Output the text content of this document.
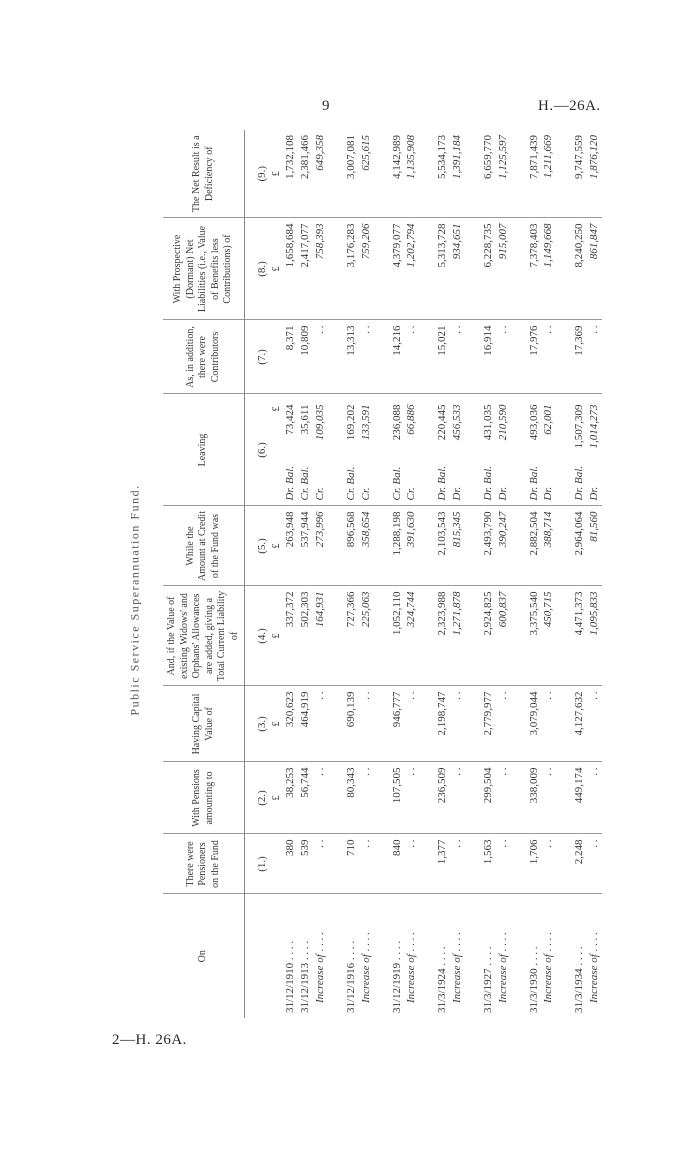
9	H.—26A.
Public Service Superannuation Fund.
2—H. 26A.
On	There were Pensioners on the Fund	With Pensions amounting to	Having Capital Value of	And, if the Value of existing Widows' and Orphans' Allowances are added, giving a Total Current Liability of	While the Amount at Credit of the Fund was	Leaving	As, in addition, there were Contributors	With Prospective (Dormant) Net Liabilities (i.e., Value of Benefits less Contributions) of	The Net Result is a Deficiency of
	(1.)	(2.)	(3.)	(4.)	(5.)	(6.)	(7.)	(8.)	(9.)
		£	£	£	£	£		£	£
31/12/1910 . . . .	380	38,253	320,623	337,372	263,948	Dr. Bal.73,424	8,371	1,658,684	1,732,108
31/12/1913 . . . .	539	56,744	464,919	502,303	537,944	Cr. Bal.35,611	10,809	2,417,077	2,381,466
Increase of . . . .	. .	. .	. .	164,931	273,996	Cr.109,035	. .	758,393	649,358
31/12/1916 . . . .	710	80,343	690,139	727,366	896,568	Cr. Bal.169,202	13,313	3,176,283	3,007,081
Increase of . . . .	. .	. .	. .	225,063	358,654	Cr.133,591	. .	759,206	625,615
31/12/1919 . . . .	840	107,505	946,777	1,052,110	1,288,198	Cr. Bal.236,088	14,216	4,379,077	4,142,989
Increase of . . . .	. .	. .	. .	324,744	391,630	Cr.66,886	. .	1,202,794	1,135,908
31/3/1924 . . . .	1,377	236,509	2,198,747	2,323,988	2,103,543	Dr. Bal.220,445	15,021	5,313,728	5,534,173
Increase of . . . .	. .	. .	. .	1,271,878	815,345	Dr.456,533	. .	934,651	1,391,184
31/3/1927 . . . .	1,563	299,504	2,779,977	2,924,825	2,493,790	Dr. Bal.431,035	16,914	6,228,735	6,659,770
Increase of . . . .	. .	. .	. .	600,837	390,247	Dr.210,590	. .	915,007	1,125,597
31/3/1930 . . . .	1,706	338,009	3,079,044	3,375,540	2,882,504	Dr. Bal.493,036	17,976	7,378,403	7,871,439
Increase of . . . .	. .	. .	. .	450,715	388,714	Dr.62,001	. .	1,149,668	1,211,669
31/3/1934 . . . .	2,248	449,174	4,127,632	4,471,373	2,964,064	Dr. Bal.1,507,309	17,369	8,240,250	9,747,559
Increase of . . . .	. .	. .	. .	1,095,833	81,560	Dr.1,014,273	. .	861,847	1,876,120
